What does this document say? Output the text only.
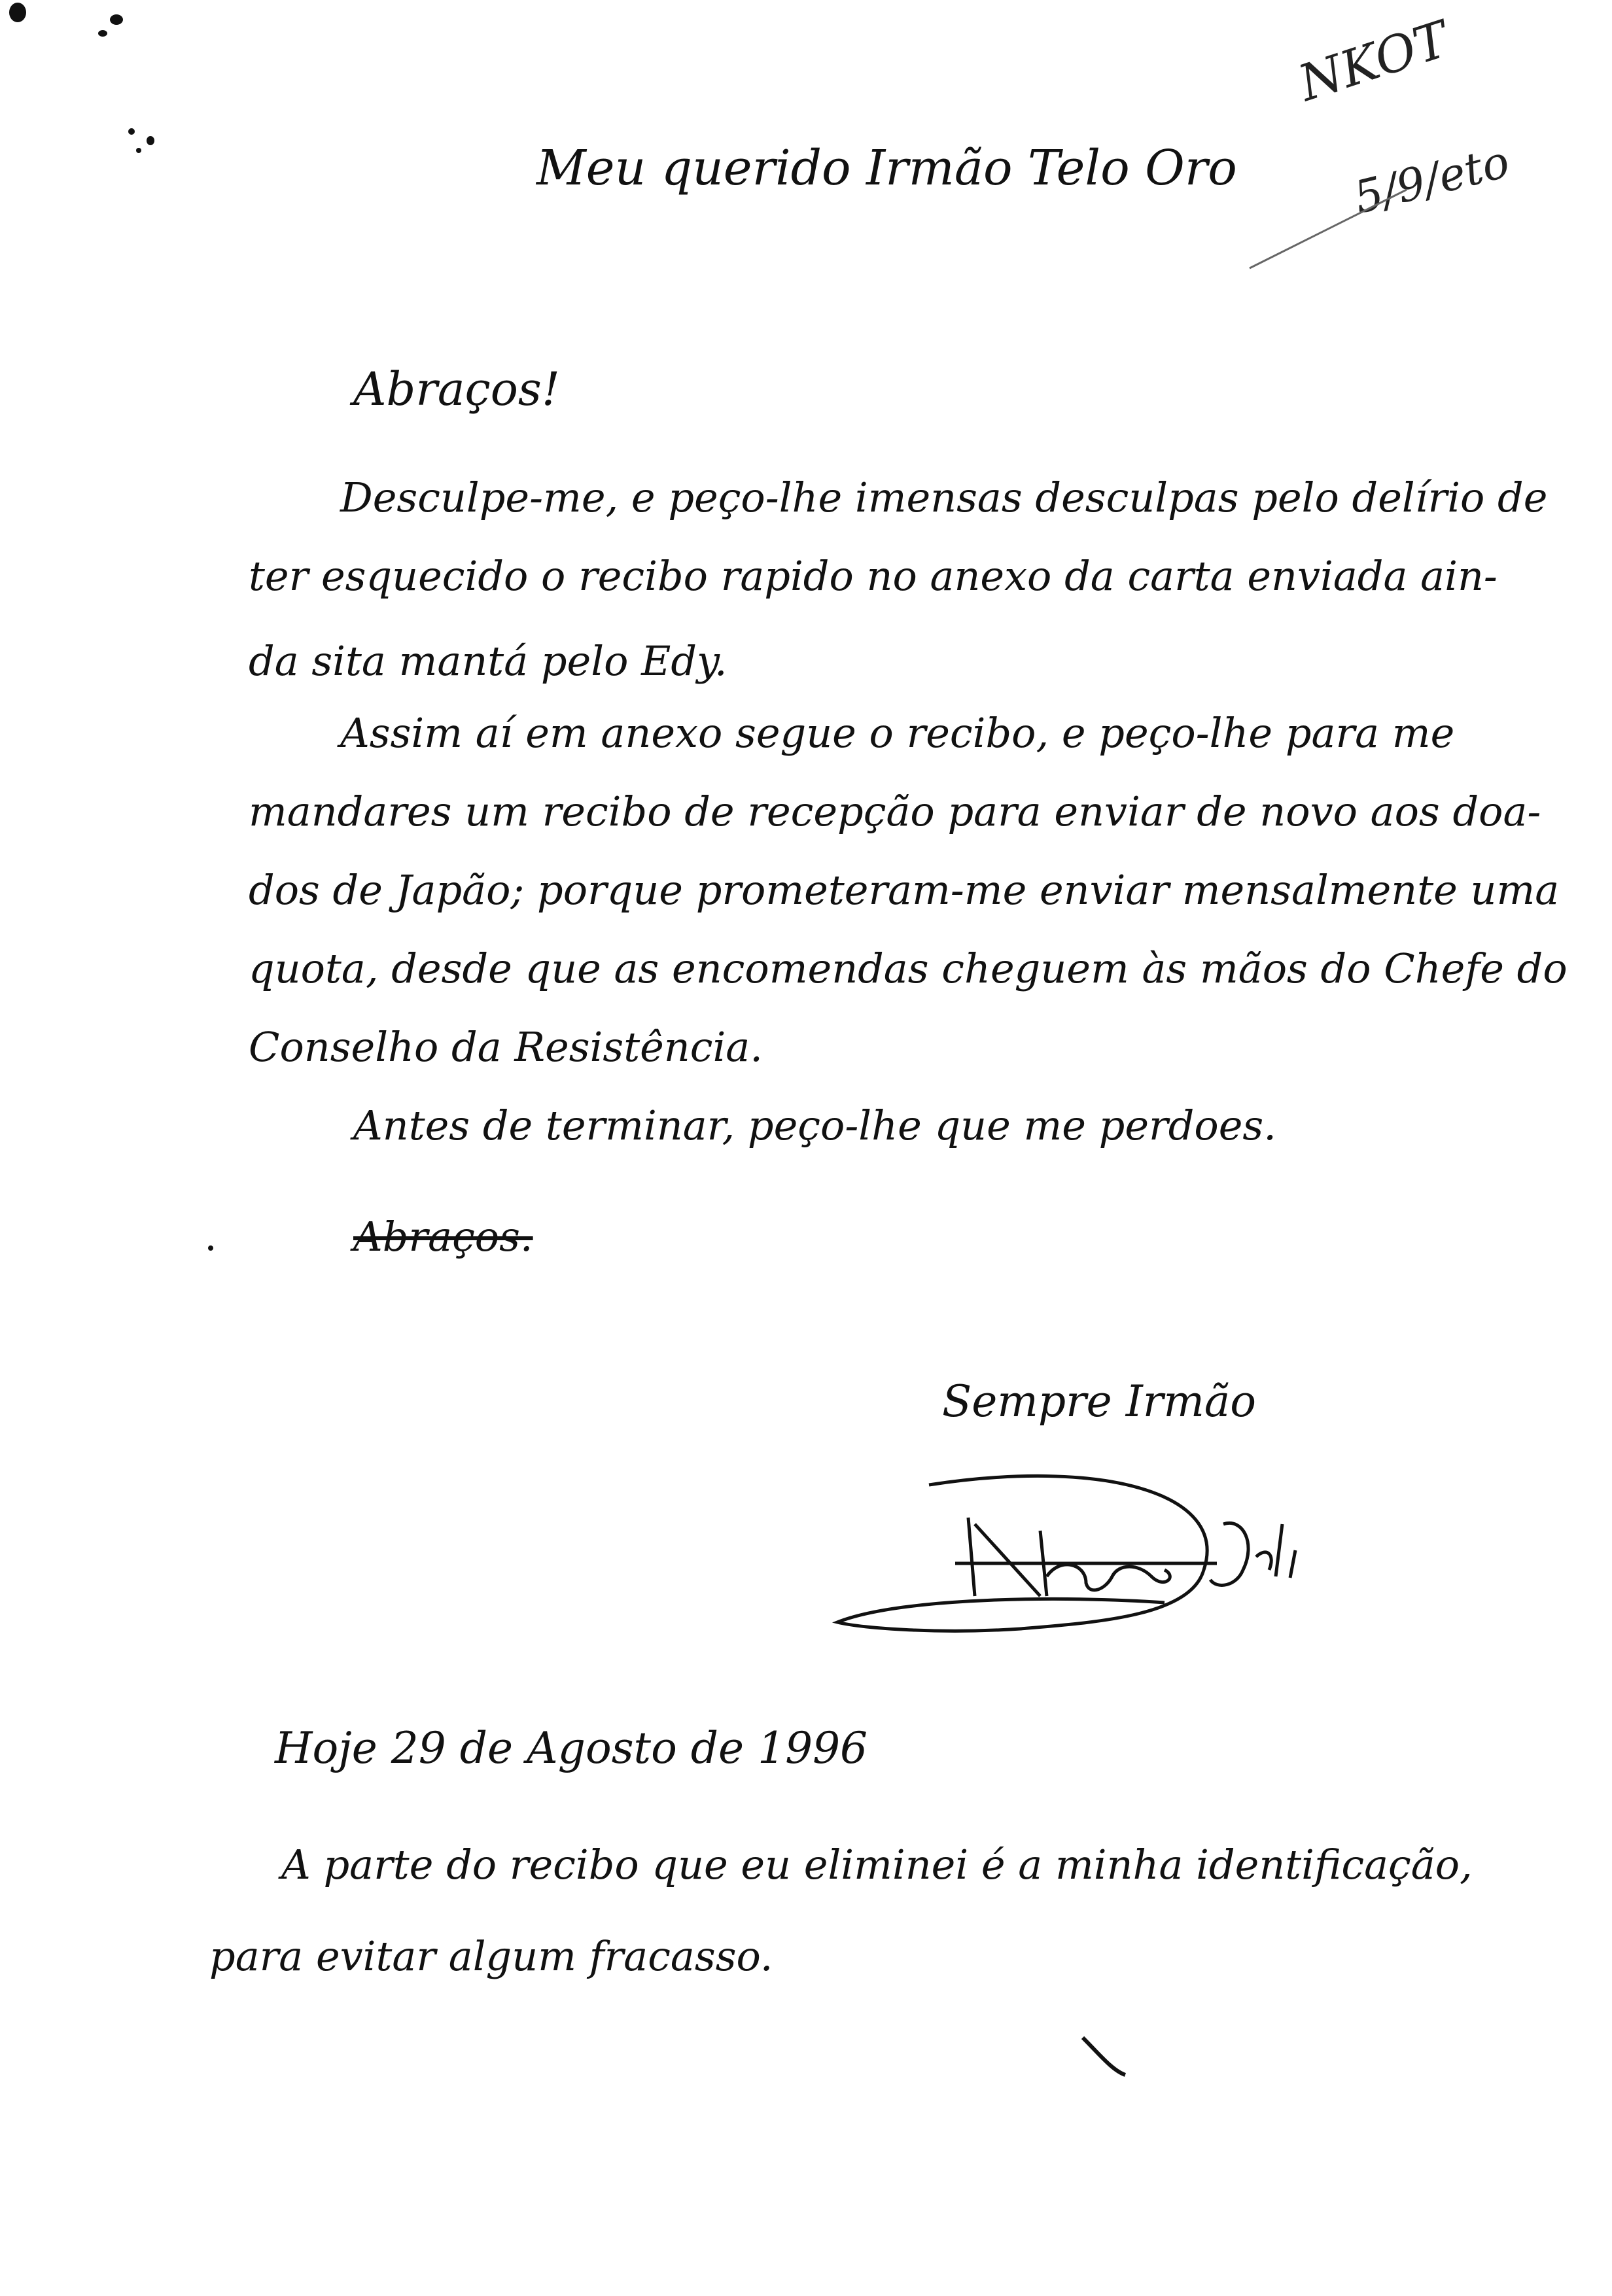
Meu querido Irmão Telo Oro
NKOT
5/9/eto
Abraços!
Desculpe-me, e peço-lhe imensas desculpas pelo delírio de
ter esquecido o recibo rapido no anexo da carta enviada ain-
da sita mantá pelo Edy.
Assim aí em anexo segue o recibo, e peço-lhe para me
mandares um recibo de recepção para enviar de novo aos doa-
dos de Japão; porque prometeram-me enviar mensalmente uma
quota, desde que as encomendas cheguem às mãos do Chefe do
Conselho da Resistência.
Antes de terminar, peço-lhe que me perdoes.
Abraços.
Sempre Irmão
Hoje 29 de Agosto de 1996
A parte do recibo que eu eliminei é a minha identificação,
para evitar algum fracasso.
